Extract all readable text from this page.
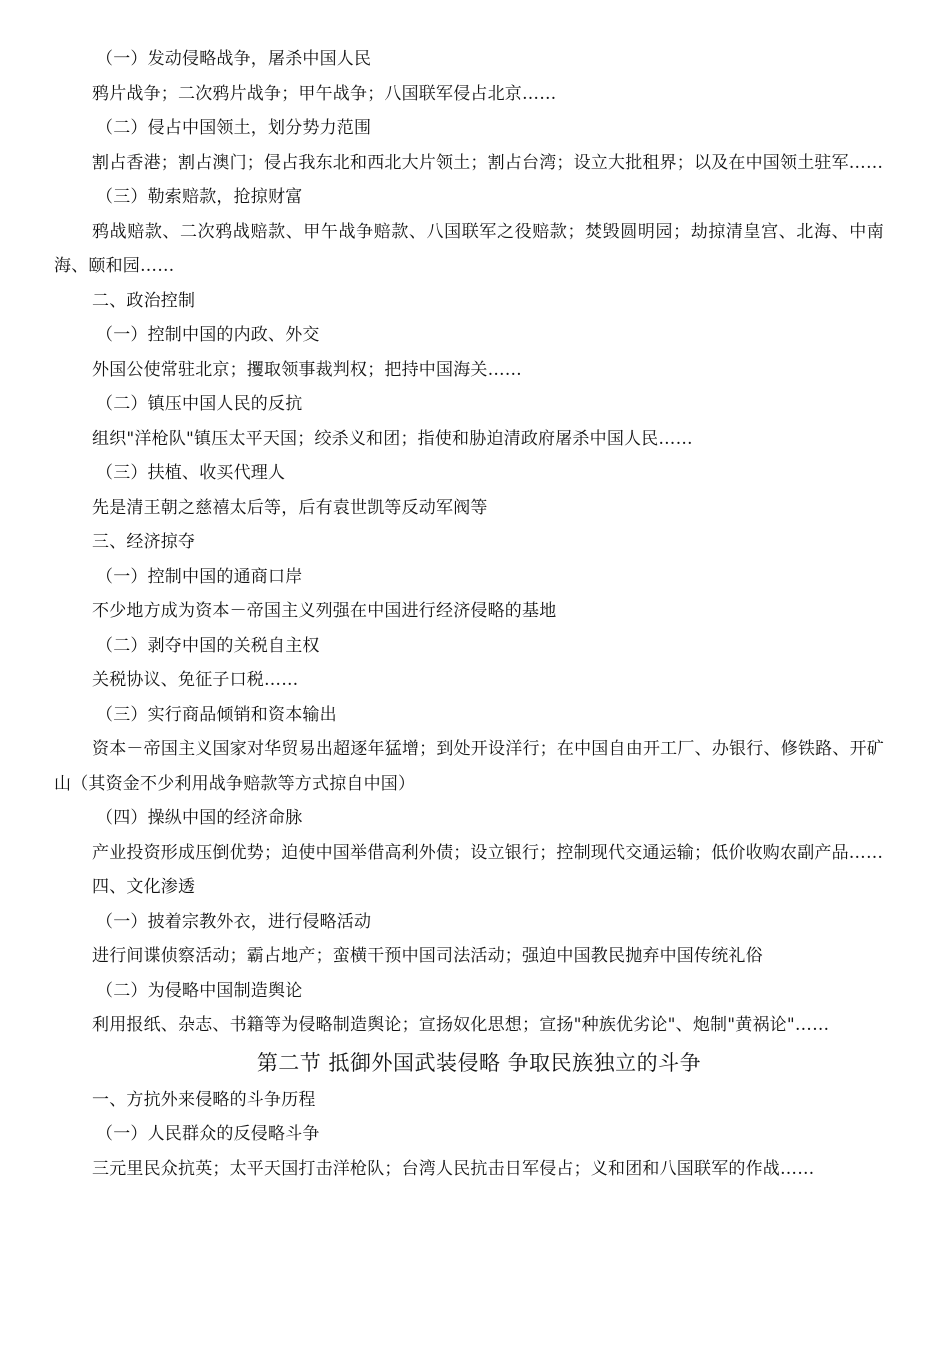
（一）发动侵略战争，屠杀中国人民

鸦片战争；二次鸦片战争；甲午战争；八国联军侵占北京……

（二）侵占中国领土，划分势力范围

割占香港；割占澳门；侵占我东北和西北大片领土；割占台湾；设立大批租界；以及在中国领土驻军……

（三）勒索赔款，抢掠财富

鸦战赔款、二次鸦战赔款、甲午战争赔款、八国联军之役赔款；焚毁圆明园；劫掠清皇宫、北海、中南海、颐和园……

二、政治控制

（一）控制中国的内政、外交

外国公使常驻北京；攫取领事裁判权；把持中国海关……

（二）镇压中国人民的反抗

组织"洋枪队"镇压太平天国；绞杀义和团；指使和胁迫清政府屠杀中国人民……

（三）扶植、收买代理人

先是清王朝之慈禧太后等，后有袁世凯等反动军阀等

三、经济掠夺

（一）控制中国的通商口岸

不少地方成为资本－帝国主义列强在中国进行经济侵略的基地

（二）剥夺中国的关税自主权

关税协议、免征子口税……

（三）实行商品倾销和资本输出

资本－帝国主义国家对华贸易出超逐年猛增；到处开设洋行；在中国自由开工厂、办银行、修铁路、开矿山（其资金不少利用战争赔款等方式掠自中国）

（四）操纵中国的经济命脉

产业投资形成压倒优势；迫使中国举借高利外债；设立银行；控制现代交通运输；低价收购农副产品……

四、文化渗透

（一）披着宗教外衣，进行侵略活动

进行间谍侦察活动；霸占地产；蛮横干预中国司法活动；强迫中国教民抛弃中国传统礼俗

（二）为侵略中国制造舆论

利用报纸、杂志、书籍等为侵略制造舆论；宣扬奴化思想；宣扬"种族优劣论"、炮制"黄祸论"……

第二节 抵御外国武装侵略 争取民族独立的斗争

一、方抗外来侵略的斗争历程

（一）人民群众的反侵略斗争

三元里民众抗英；太平天国打击洋枪队；台湾人民抗击日军侵占；义和团和八国联军的作战……
